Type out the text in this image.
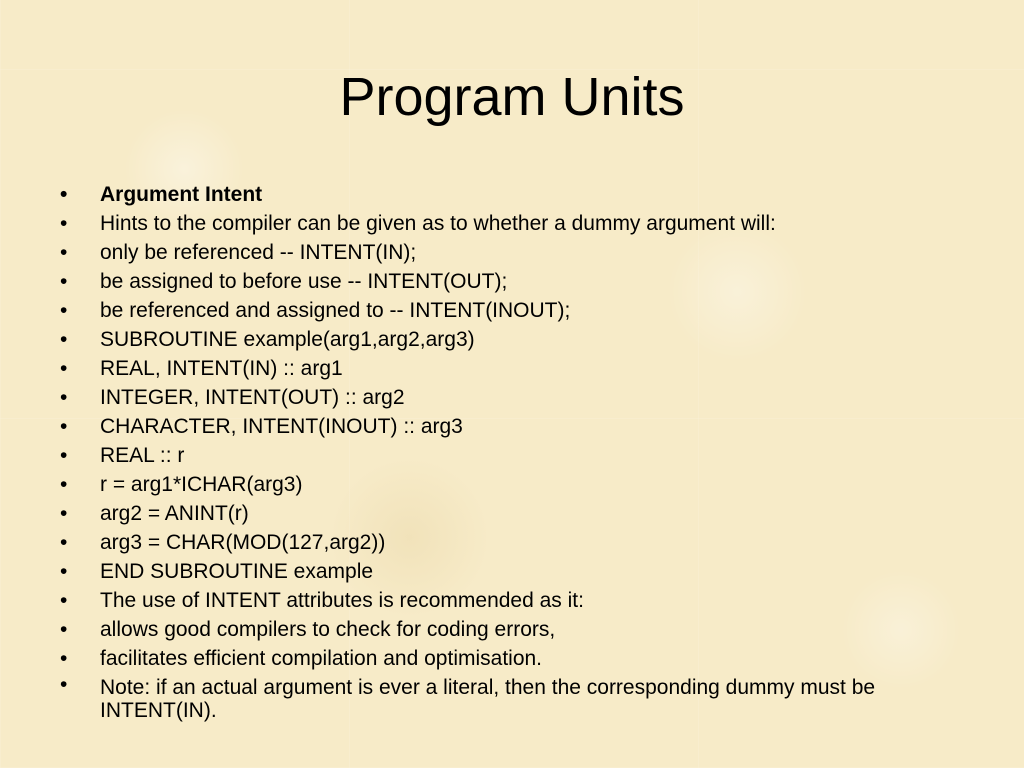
Program Units
•	Argument Intent
•	Hints to the compiler can be given as to whether a dummy argument will:
•	only be referenced -- INTENT(IN);
•	be assigned to before use -- INTENT(OUT);
•	be referenced and assigned to -- INTENT(INOUT);
•	SUBROUTINE example(arg1,arg2,arg3)
•	REAL, INTENT(IN) :: arg1
•	INTEGER, INTENT(OUT) :: arg2
•	CHARACTER, INTENT(INOUT) :: arg3
•	REAL :: r
•	r = arg1*ICHAR(arg3)
•	arg2 = ANINT(r)
•	arg3 = CHAR(MOD(127,arg2))
•	END SUBROUTINE example
•	The use of INTENT attributes is recommended as it:
•	allows good compilers to check for coding errors,
•	facilitates efficient compilation and optimisation.
•	Note: if an actual argument is ever a literal, then the corresponding dummy must be INTENT(IN).
